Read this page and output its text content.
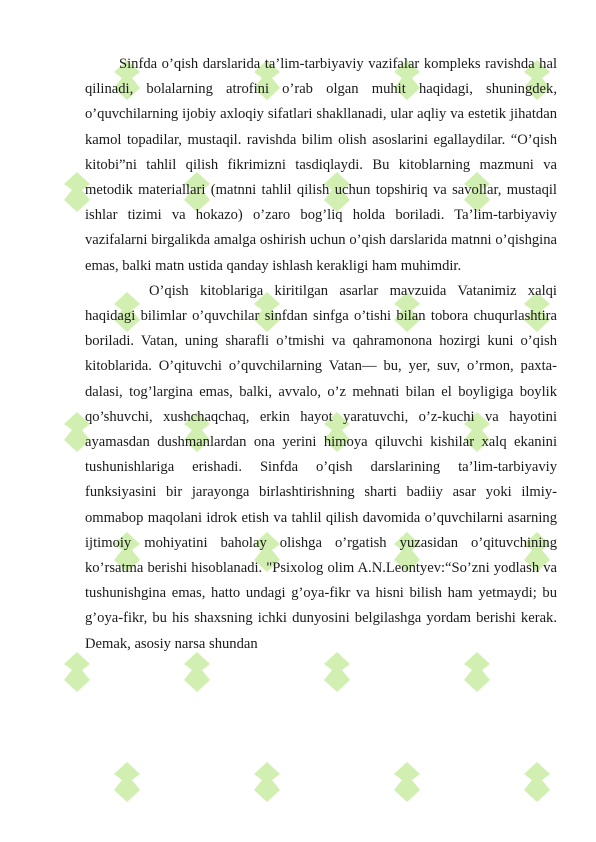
Sinfda o’qish darslarida ta’lim-tarbiyaviy vazifalar kompleks ravishda hal qilinadi, bolalarning atrofini o’rab olgan muhit haqidagi, shuningdek, o’quvchilarning ijobiy axloqiy sifatlari shakllanadi, ular aqliy va estetik jihatdan kamol topadilar, mustaqil. ravishda bilim olish asoslarini egallaydilar. “O’qish kitobi”ni tahlil qilish fikrimizni tasdiqlaydi. Bu kitoblarning mazmuni va metodik materiallari (matnni tahlil qilish uchun topshiriq va savollar, mustaqil ishlar tizimi va hokazo) o’zaro bog’liq holda boriladi. Ta’lim-tarbiyaviy vazifalarni birgalikda amalga oshirish uchun o’qish darslarida matnni o’qishgina emas, balki matn ustida qanday ishlash kerakligi ham muhimdir.

O’qish kitoblariga kiritilgan asarlar mavzuida Vatanimiz xalqi haqidagi bilimlar o’quvchilar sinfdan sinfga o’tishi bilan tobora chuqurlashtira boriladi. Vatan, uning sharafli o’tmishi va qahramonona hozirgi kuni o’qish kitoblarida. O’qituvchi o’quvchilarning Vatan— bu, yer, suv, o’rmon, paxta-dalasi, tog’largina emas, balki, avvalo, o’z mehnati bilan el boyligiga boylik qo’shuvchi, xushchaqchaq, erkin hayot yaratuvchi, o’z-kuchi va hayotini ayamasdan dushmanlardan ona yerini himoya qiluvchi kishilar xalq ekanini tushunishlariga erishadi. Sinfda o’qish darslarining ta’lim-tarbiyaviy funksiyasini bir jarayonga birlashtirishning sharti badiiy asar yoki ilmiy-ommabop maqolani idrok etish va tahlil qilish davomida o’quvchilarni asarning ijtimoiy mohiyatini baholay olishga o’rgatish yuzasidan o’qituvchining ko’rsatma berishi hisoblanadi. "Psixolog olim A.N.Leontyev:“So’zni yodlash va tushunishgina emas, hatto undagi g’oya-fikr va hisni bilish ham yetmaydi; bu g’oya-fikr, bu his shaxsning ichki dunyosini belgilashga yordam berishi kerak. Demak, asosiy narsa shundan
